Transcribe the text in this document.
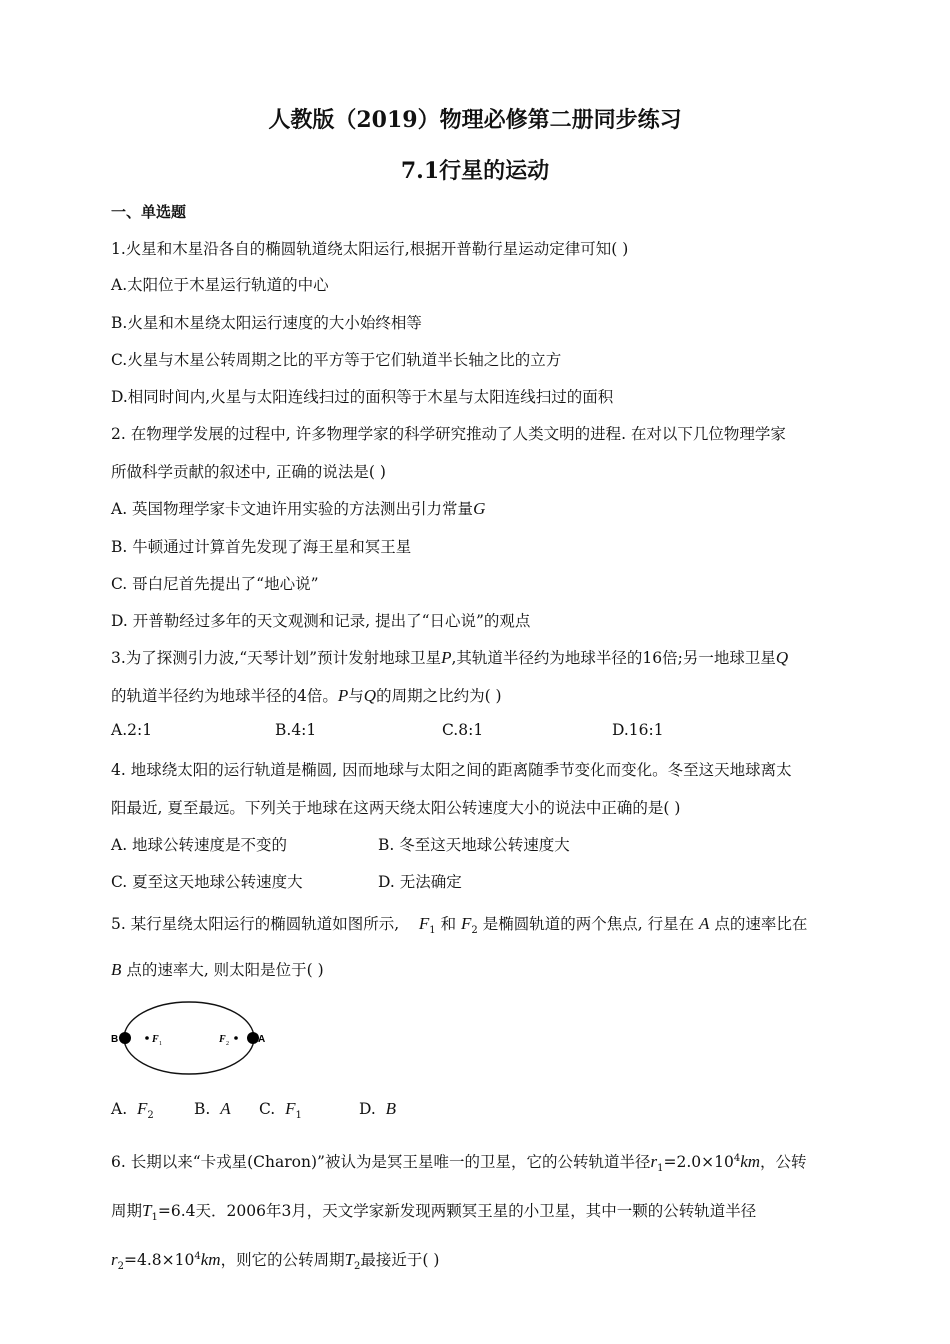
人教版（2019）物理必修第二册同步练习
7.1行星的运动
一、单选题
1.火星和木星沿各自的椭圆轨道绕太阳运行,根据开普勒行星运动定律可知( )
A.太阳位于木星运行轨道的中心
B.火星和木星绕太阳运行速度的大小始终相等
C.火星与木星公转周期之比的平方等于它们轨道半长轴之比的立方
D.相同时间内,火星与太阳连线扫过的面积等于木星与太阳连线扫过的面积
2. 在物理学发展的过程中, 许多物理学家的科学研究推动了人类文明的进程. 在对以下几位物理学家
所做科学贡献的叙述中, 正确的说法是( )
A. 英国物理学家卡文迪许用实验的方法测出引力常量G
B. 牛顿通过计算首先发现了海王星和冥王星
C. 哥白尼首先提出了“地心说”
D. 开普勒经过多年的天文观测和记录, 提出了“日心说”的观点
3.为了探测引力波,“天琴计划”预计发射地球卫星P,其轨道半径约为地球半径的16倍;另一地球卫星Q
的轨道半径约为地球半径的4倍。P与Q的周期之比约为( )
A.2:1	B.4:1	C.8:1	D.16:1
4. 地球绕太阳的运行轨道是椭圆, 因而地球与太阳之间的距离随季节变化而变化。冬至这天地球离太
阳最近, 夏至最远。下列关于地球在这两天绕太阳公转速度大小的说法中正确的是( )
A. 地球公转速度是不变的	B. 冬至这天地球公转速度大
C. 夏至这天地球公转速度大	D. 无法确定
5. 某行星绕太阳运行的椭圆轨道如图所示, $F_1$ 和 $F_2$ 是椭圆轨道的两个焦点, 行星在 A 点的速率比在
B 点的速率大, 则太阳是位于( )
B	F 1	F 2	A
A. $F_2$	B. A C. $F_1$	D. B
6. 长期以来“卡戎星(Charon)”被认为是冥王星唯一的卫星，它的公转轨道半径$r_1=2.0\times 10^4km$，公转
周期$T_1=6.4$天．2006年3月，天文学家新发现两颗冥王星的小卫星，其中一颗的公转轨道半径
$r_2=4.8\times 10^4km$，则它的公转周期$T_2$最接近于( )
